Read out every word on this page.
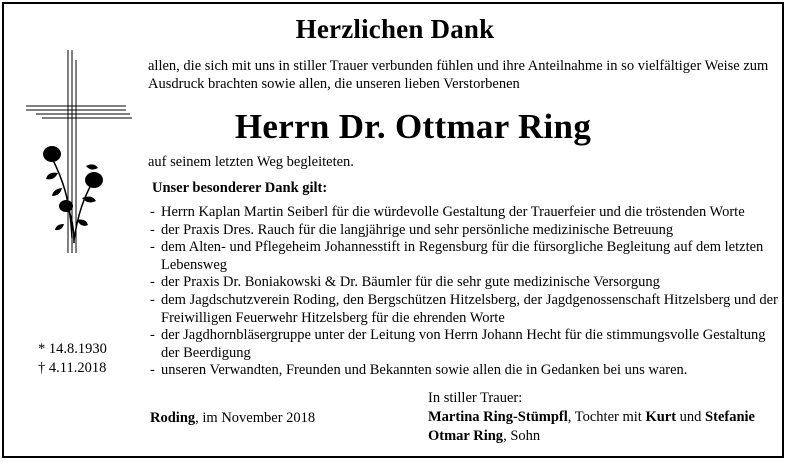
Herzlichen Dank
allen, die sich mit uns in stiller Trauer verbunden fühlen und ihre Anteilnahme in so vielfältiger Weise zum Ausdruck brachten sowie allen, die unseren lieben Verstorbenen
Herrn Dr. Ottmar Ring
auf seinem letzten Weg begleiteten.
Unser besonderer Dank gilt:
- Herrn Kaplan Martin Seiberl für die würdevolle Gestaltung der Trauerfeier und die tröstenden Worte
- der Praxis Dres. Rauch für die langjährige und sehr persönliche medizinische Betreuung
- dem Alten- und Pflegeheim Johannesstift in Regensburg für die fürsorgliche Begleitung auf dem letzten Lebensweg
- der Praxis Dr. Boniakowski & Dr. Bäumler für die sehr gute medizinische Versorgung
- dem Jagdschutzverein Roding, den Bergschützen Hitzelsberg, der Jagdgenossenschaft Hitzelsberg und der Freiwilligen Feuerwehr Hitzelsberg für die ehrenden Worte
- der Jagdhornbläsergruppe unter der Leitung von Herrn Johann Hecht für die stimmungsvolle Gestaltung der Beerdigung
- unseren Verwandten, Freunden und Bekannten sowie allen die in Gedanken bei uns waren.
* 14.8.1930
† 4.11.2018
Roding, im November 2018
In stiller Trauer:
Martina Ring-Stümpfl, Tochter mit Kurt und Stefanie
Otmar Ring, Sohn
